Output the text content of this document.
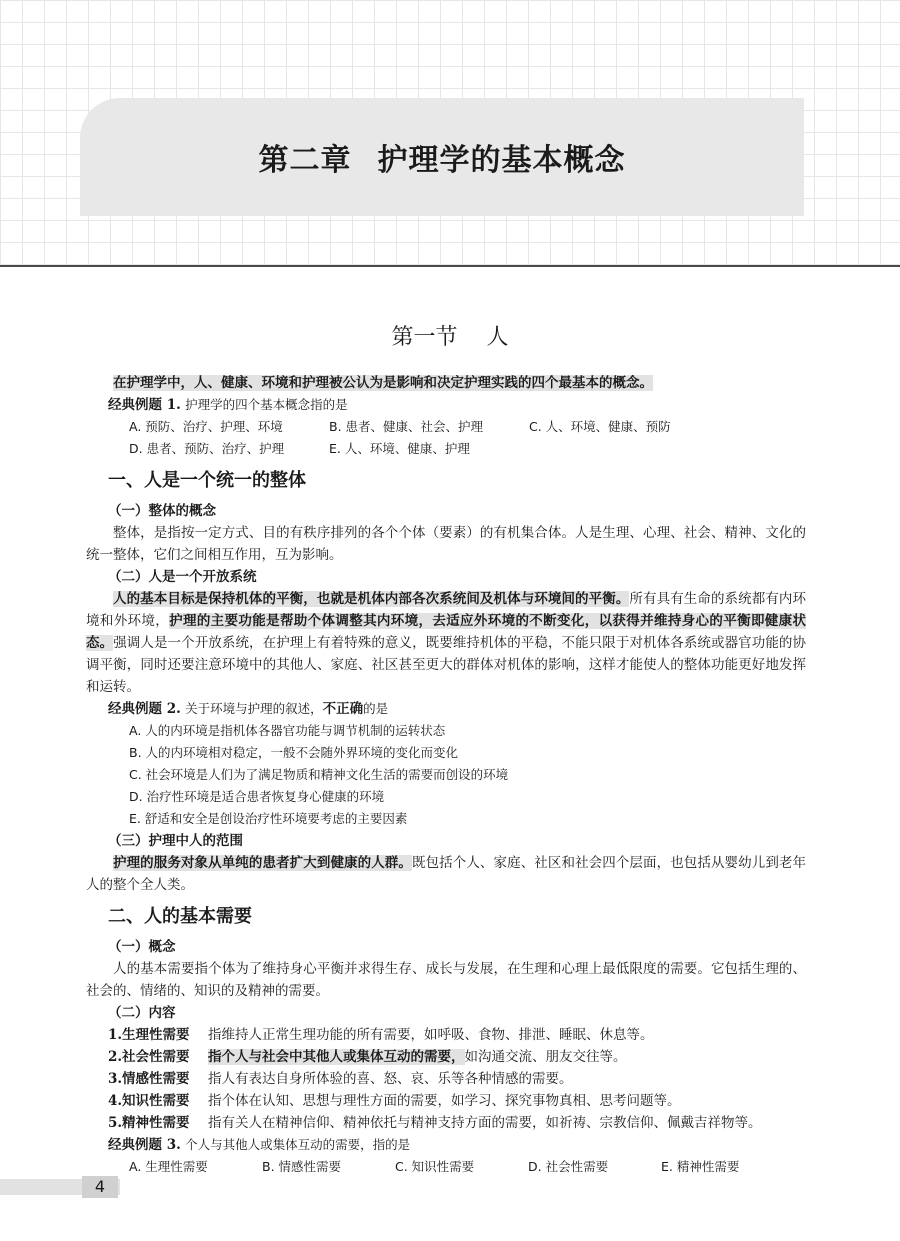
第二章 护理学的基本概念
第一节 人

在护理学中，人、健康、环境和护理被公认为是影响和决定护理实践的四个最基本的概念。

经典例题 1. 护理学的四个基本概念指的是
A. 预防、治疗、护理、环境	B. 患者、健康、社会、护理	C. 人、环境、健康、预防
D. 患者、预防、治疗、护理	E. 人、环境、健康、护理
一、人是一个统一的整体
（一）整体的概念

整体，是指按一定方式、目的有秩序排列的各个个体（要素）的有机集合体。人是生理、心理、社会、精神、文化的统一整体，它们之间相互作用，互为影响。

（二）人是一个开放系统

人的基本目标是保持机体的平衡，也就是机体内部各次系统间及机体与环境间的平衡。所有具有生命的系统都有内环境和外环境，护理的主要功能是帮助个体调整其内环境，去适应外环境的不断变化，以获得并维持身心的平衡即健康状态。强调人是一个开放系统，在护理上有着特殊的意义，既要维持机体的平稳，不能只限于对机体各系统或器官功能的协调平衡，同时还要注意环境中的其他人、家庭、社区甚至更大的群体对机体的影响，这样才能使人的整体功能更好地发挥和运转。

经典例题 2. 关于环境与护理的叙述，不正确的是
A. 人的内环境是指机体各器官功能与调节机制的运转状态
B. 人的内环境相对稳定，一般不会随外界环境的变化而变化
C. 社会环境是人们为了满足物质和精神文化生活的需要而创设的环境
D. 治疗性环境是适合患者恢复身心健康的环境
E. 舒适和安全是创设治疗性环境要考虑的主要因素
（三）护理中人的范围

护理的服务对象从单纯的患者扩大到健康的人群。既包括个人、家庭、社区和社会四个层面，也包括从婴幼儿到老年人的整个全人类。

二、人的基本需要
（一）概念

人的基本需要指个体为了维持身心平衡并求得生存、成长与发展，在生理和心理上最低限度的需要。它包括生理的、社会的、情绪的、知识的及精神的需要。

（二）内容
1. 生理性需要	指维持人正常生理功能的所有需要，如呼吸、食物、排泄、睡眠、休息等。
2. 社会性需要	指个人与社会中其他人或集体互动的需要，如沟通交流、朋友交往等。
3. 情感性需要	指人有表达自身所体验的喜、怒、哀、乐等各种情感的需要。
4. 知识性需要	指个体在认知、思想与理性方面的需要，如学习、探究事物真相、思考问题等。
5. 精神性需要	指有关人在精神信仰、精神依托与精神支持方面的需要，如祈祷、宗教信仰、佩戴吉祥物等。
经典例题 3. 个人与其他人或集体互动的需要，指的是
A. 生理性需要	B. 情感性需要	C. 知识性需要	D. 社会性需要	E. 精神性需要
4
